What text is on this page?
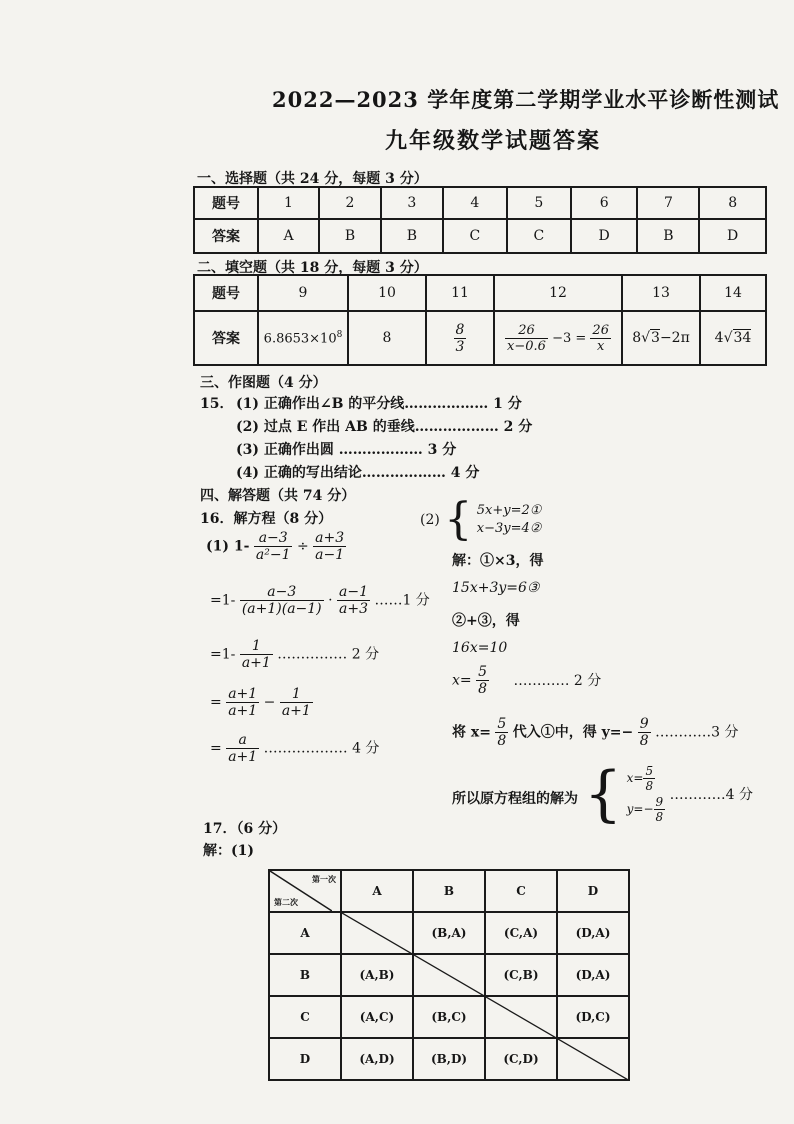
2022—2023 学年度第二学期学业水平诊断性测试
九年级数学试题答案
一、选择题（共 24 分，每题 3 分）
题号	1	2	3	4	5	6	7	8
答案	A	B	B	C	C	D	B	D
二、填空题（共 18 分，每题 3 分）
题号	9	10	11	12	13	14
答案	$6.8653\times 10^8$	8	$\frac{8}{3}$	$\frac{26}{x-0.6} -3 = \frac{26}{x}$	8√3−2π	4√34
三、作图题（4 分）
15． (1) 正确作出∠B 的平分线……………… 1 分
(2) 过点 E 作出 AB 的垂线……………… 2 分
(3) 正确作出圆 ……………… 3 分
(4) 正确的写出结论……………… 4 分
四、解答题（共 74 分）
16．解方程（8 分）
(1) $1- \frac{a-3}{\text{a²−1}} \div \frac{a+3}{a-1}$
$=1- \frac{a-3}{(a+1)(a-1)} \cdot \frac{a-1}{a+3}$ ……1 分
$=1- \frac{1}{a+1}$ …………… 2 分
= $\frac{a+1}{a+1} - \frac{1}{a+1}$
= $\frac{a}{a+1}$ ……………… 4 分
(2) { 5x+y=2①
x−3y=4②
解：①×3，得
15x+3y=6③
②+③，得
16x=10
$x= \frac{5}{8}$ ………… 2 分
将 $x= \frac{5}{8}$ 代入①中，得 $y=- \frac{9}{8}$ …………3 分
所以原方程组的解为 { $x= \frac{5}{8}$
$y=- \frac{9}{8}$ …………4 分
17．（6 分）
解：(1)
第一次
第二次	A	B	C	D
A		(B,A)	(C,A)	(D,A)
B	(A,B)		(C,B)	(D,A)
C	(A,C)	(B,C)		(D,C)
D	(A,D)	(B,D)	(C,D)	
